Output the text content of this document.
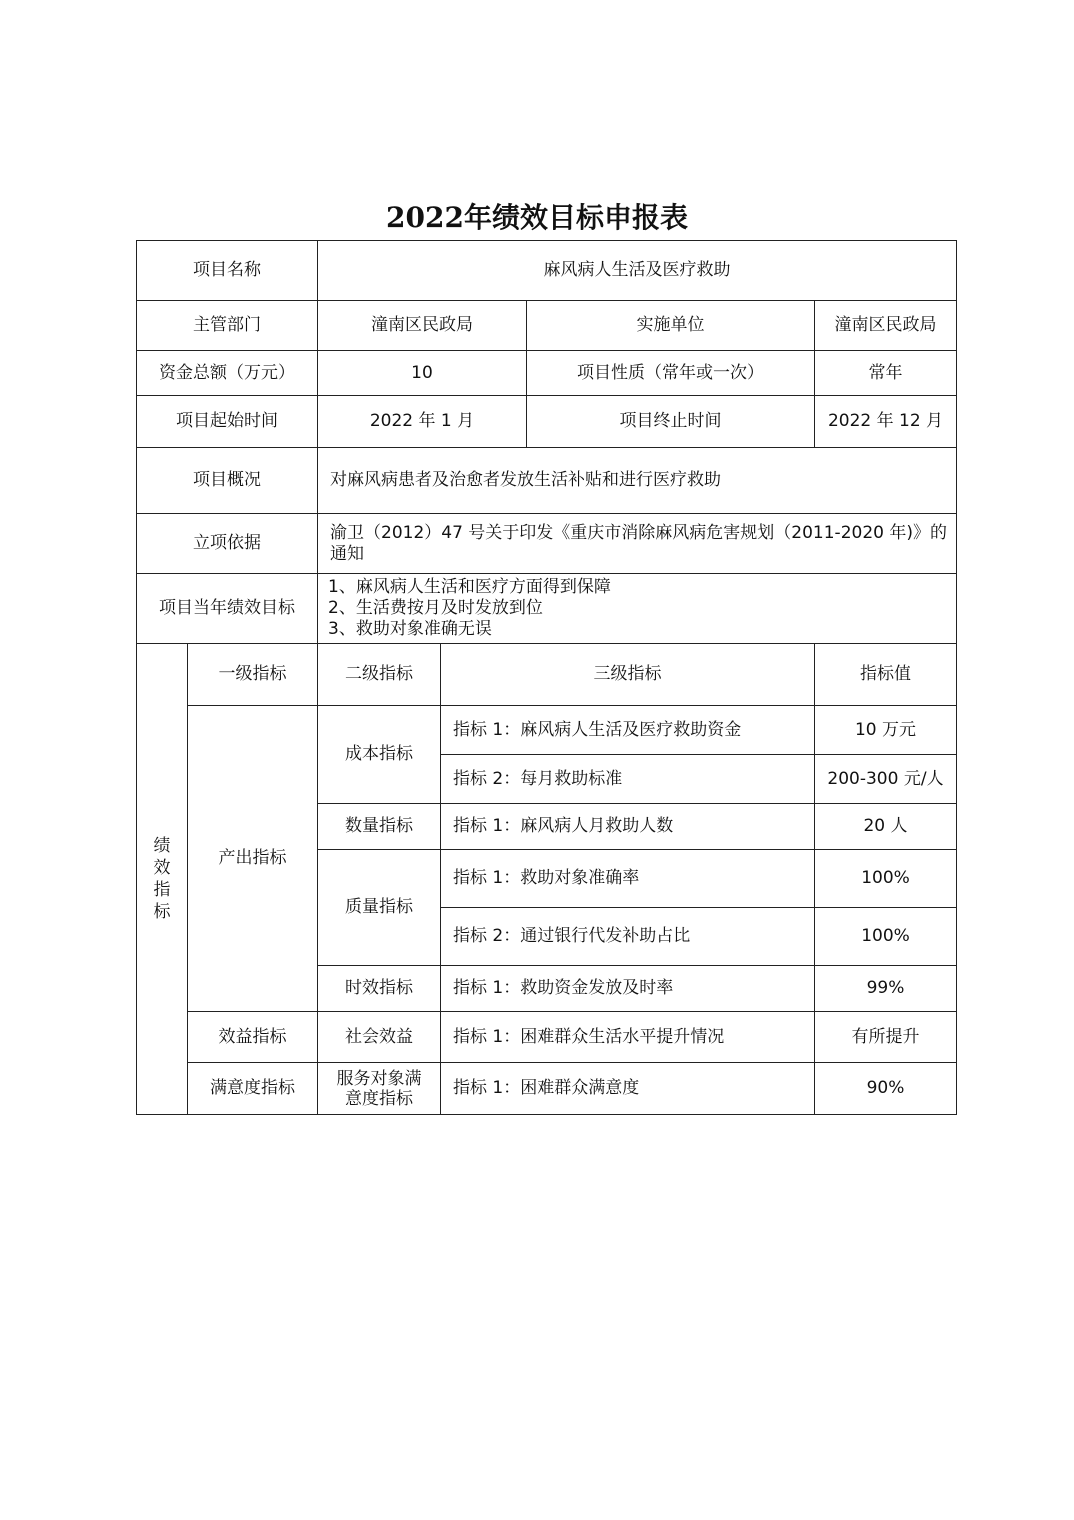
2022年绩效目标申报表
项目名称		麻风病人生活及医疗救助		
主管部门		潼南区民政局 实施单位		潼南区民政局
资金总额（万元）		10 项目性质（常年或一次）		常年
项目起始时间		2022 年 1 月 项目终止时间		2022 年 12 月
项目概况		对麻风病患者及治愈者发放生活补贴和进行医疗救助		
立项依据		渝卫（2012）47 号关于印发《重庆市消除麻风病危害规划（2011-2020 年)》的通知		
项目当年绩效目标		1、麻风病人生活和医疗方面得到保障
2、生活费按月及时发放到位
3、救助对象准确无误		

绩效指标	一级指标	二级指标	三级指标	指标值
	产出指标	成本指标	指标 1：麻风病人生活及医疗救助资金	10 万元
			指标 2：每月救助标准	200-300 元/人
		数量指标	指标 1：麻风病人月救助人数	20 人
		质量指标	指标 1：救助对象准确率	100%
			指标 2：通过银行代发补助占比	100%
		时效指标	指标 1：救助资金发放及时率	99%
	效益指标	社会效益	指标 1：困难群众生活水平提升情况	有所提升
	满意度指标	服务对象满意度指标	指标 1：困难群众满意度	90%
